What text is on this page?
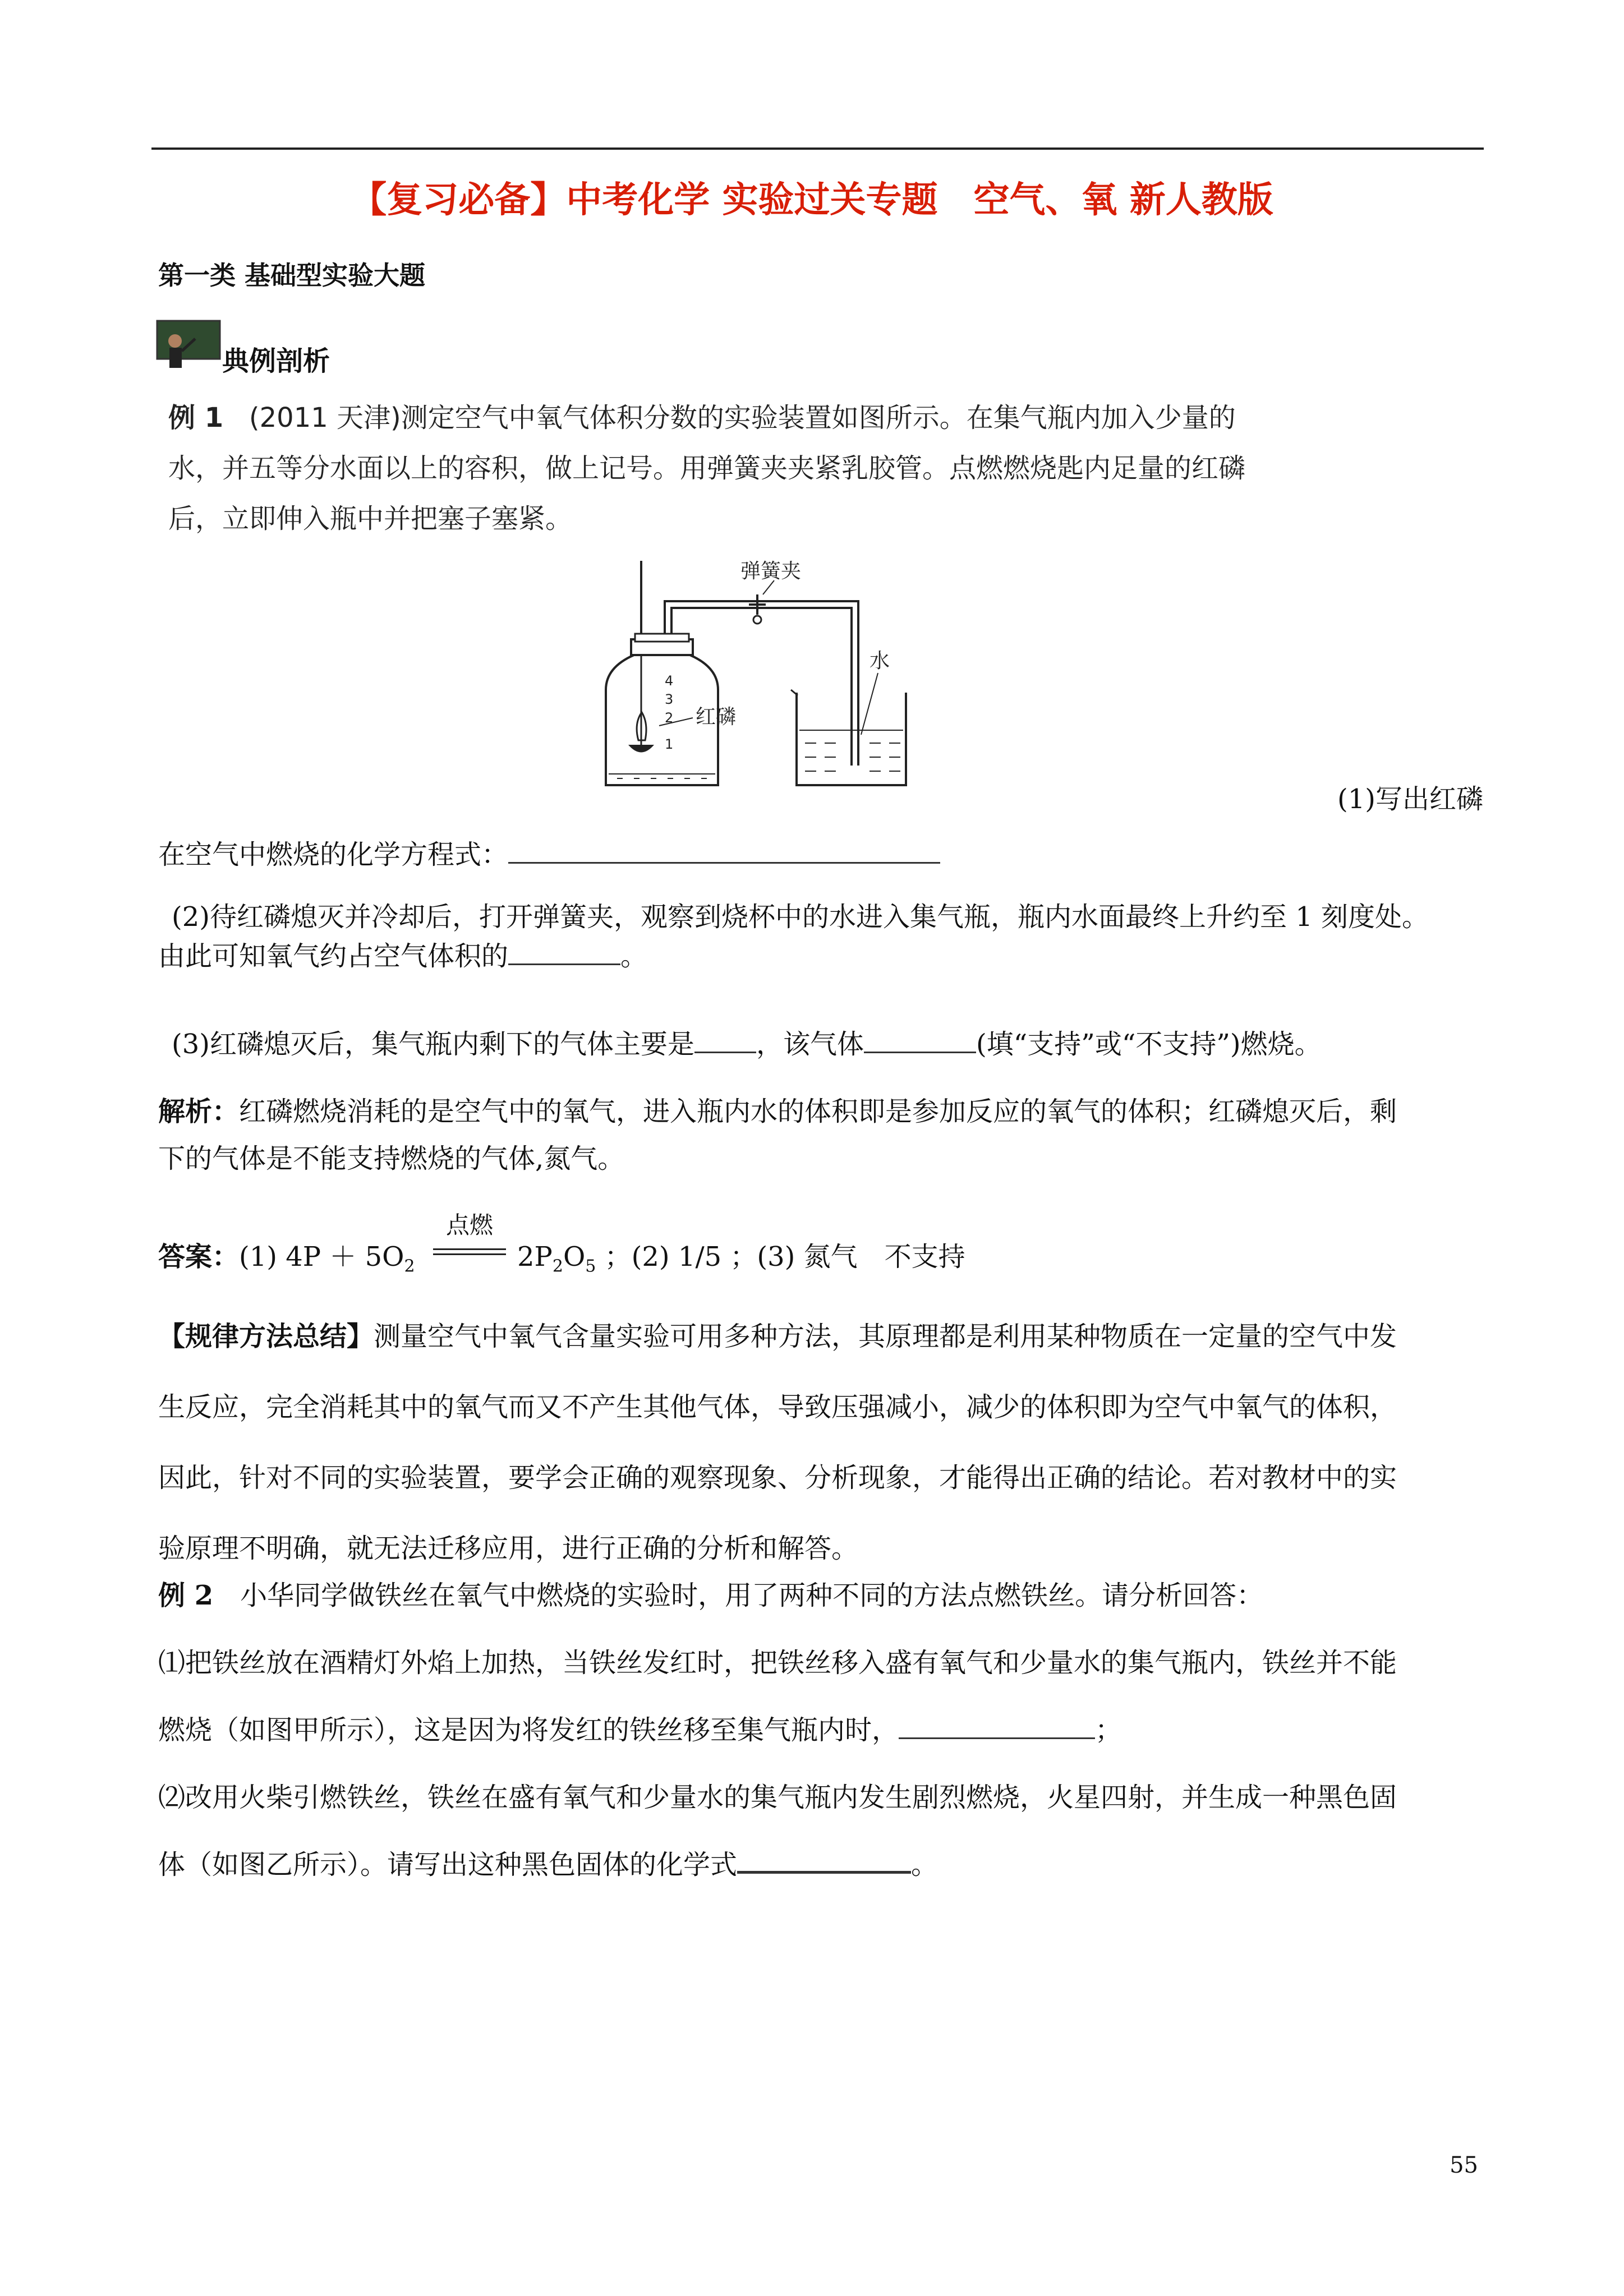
【复习必备】中考化学 实验过关专题　空气、氧 新人教版
第一类 基础型实验大题
典例剖析
例 1 (2011 天津)测定空气中氧气体积分数的实验装置如图所示。在集气瓶内加入少量的
水，并五等分水面以上的容积，做上记号。用弹簧夹夹紧乳胶管。点燃燃烧匙内足量的红磷
后，立即伸入瓶中并把塞子塞紧。
4
3
2
1
红磷
水
弹簧夹
(1)写出红磷
在空气中燃烧的化学方程式：
(2)待红磷熄灭并冷却后，打开弹簧夹，观察到烧杯中的水进入集气瓶，瓶内水面最终上升约至 1 刻度处。
由此可知氧气约占空气体积的	。
(3)红磷熄灭后，集气瓶内剩下的气体主要是 ，该气体	(填“支持”或“不支持”)燃烧。
解析：红磷燃烧消耗的是空气中的氧气，进入瓶内水的体积即是参加反应的氧气的体积；红磷熄灭后，剩
下的气体是不能支持燃烧的气体,氮气。
答案：(1) $4P + 5O_2$
点燃
$2P_2O_5$ ；(2) 1/5 ；(3) 氮气　不支持
【规律方法总结】测量空气中氧气含量实验可用多种方法，其原理都是利用某种物质在一定量的空气中发
生反应，完全消耗其中的氧气而又不产生其他气体，导致压强减小，减少的体积即为空气中氧气的体积，
因此，针对不同的实验装置，要学会正确的观察现象、分析现象，才能得出正确的结论。若对教材中的实
验原理不明确，就无法迁移应用，进行正确的分析和解答。
例 2　小华同学做铁丝在氧气中燃烧的实验时，用了两种不同的方法点燃铁丝。请分析回答：
⑴把铁丝放在酒精灯外焰上加热，当铁丝发红时，把铁丝移入盛有氧气和少量水的集气瓶内，铁丝并不能
燃烧（如图甲所示），这是因为将发红的铁丝移至集气瓶内时，	；
⑵改用火柴引燃铁丝，铁丝在盛有氧气和少量水的集气瓶内发生剧烈燃烧，火星四射，并生成一种黑色固
体（如图乙所示）。请写出这种黑色固体的化学式	。
55
